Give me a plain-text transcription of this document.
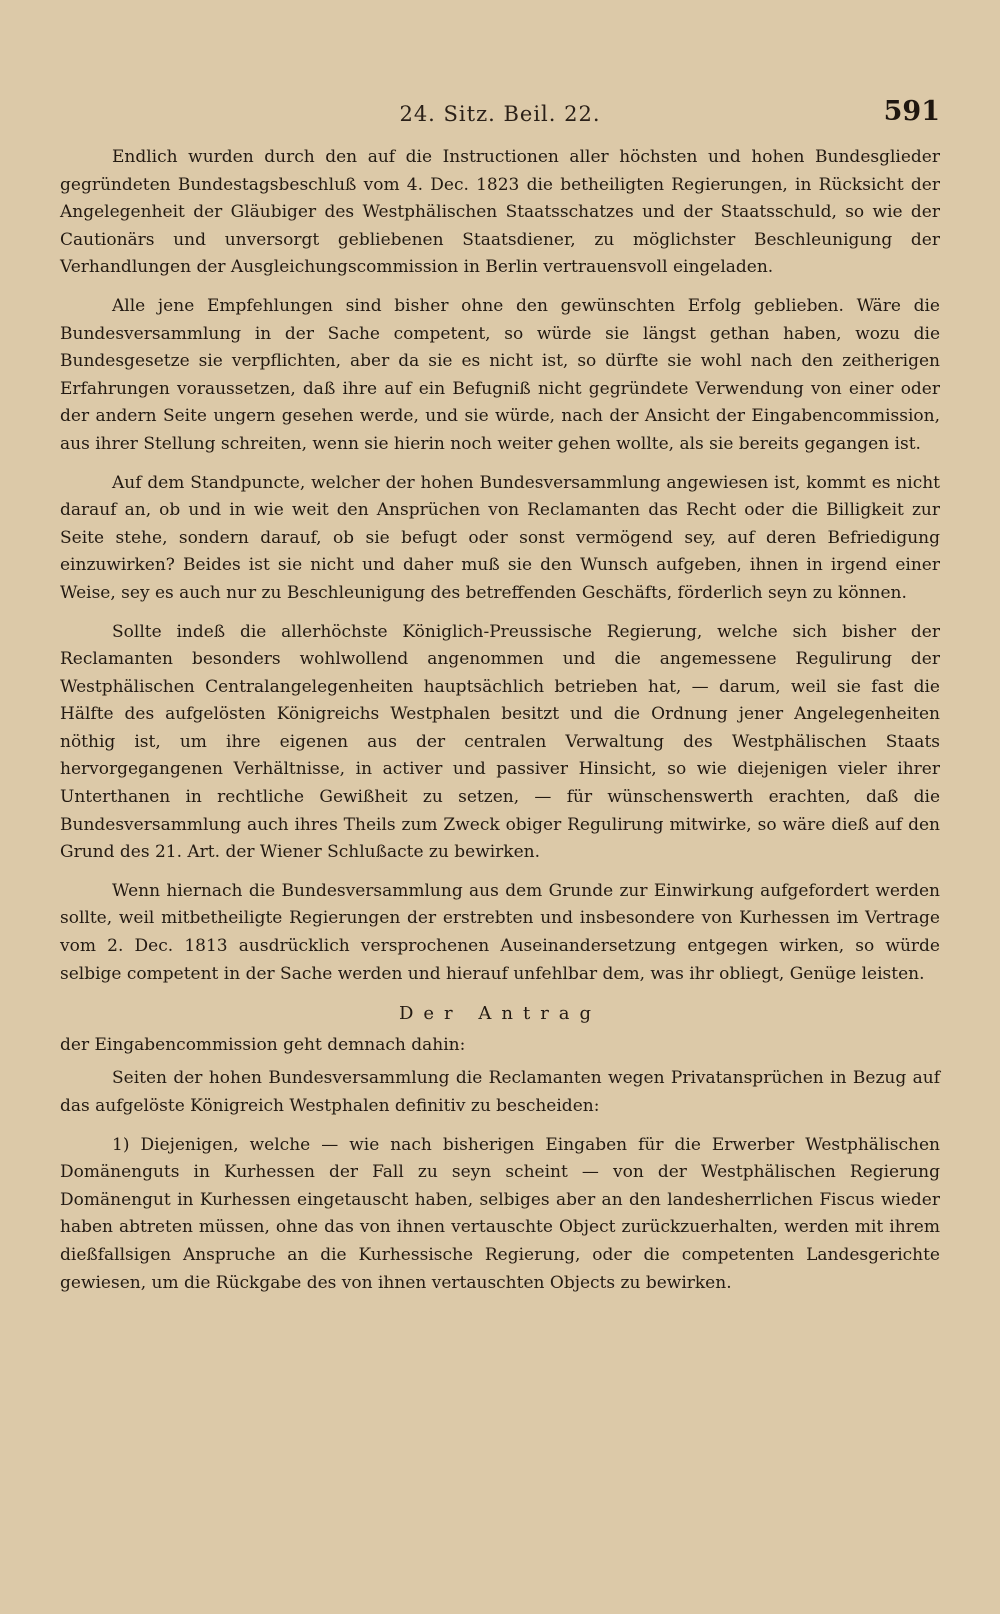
24. Sitz. Beil. 22.	591

Endlich wurden durch den auf die Instructionen aller höchsten und hohen Bundesglieder gegründeten Bundestagsbeschluß vom 4. Dec. 1823 die betheiligten Regierungen, in Rücksicht der Angelegenheit der Gläubiger des Westphälischen Staatsschatzes und der Staatsschuld, so wie der Cautionärs und unversorgt gebliebenen Staatsdiener, zu möglichster Beschleunigung der Verhandlungen der Ausgleichungscommission in Berlin vertrauensvoll eingeladen.

Alle jene Empfehlungen sind bisher ohne den gewünschten Erfolg geblieben. Wäre die Bundesversammlung in der Sache competent, so würde sie längst gethan haben, wozu die Bundesgesetze sie verpflichten, aber da sie es nicht ist, so dürfte sie wohl nach den zeitherigen Erfahrungen voraussetzen, daß ihre auf ein Befugniß nicht gegründete Verwendung von einer oder der andern Seite ungern gesehen werde, und sie würde, nach der Ansicht der Eingabencommission, aus ihrer Stellung schreiten, wenn sie hierin noch weiter gehen wollte, als sie bereits gegangen ist.

Auf dem Standpuncte, welcher der hohen Bundesversammlung angewiesen ist, kommt es nicht darauf an, ob und in wie weit den Ansprüchen von Reclamanten das Recht oder die Billigkeit zur Seite stehe, sondern darauf, ob sie befugt oder sonst vermögend sey, auf deren Befriedigung einzuwirken? Beides ist sie nicht und daher muß sie den Wunsch aufgeben, ihnen in irgend einer Weise, sey es auch nur zu Beschleunigung des betreffenden Geschäfts, förderlich seyn zu können.

Sollte indeß die allerhöchste Königlich-Preussische Regierung, welche sich bisher der Reclamanten besonders wohlwollend angenommen und die angemessene Regulirung der Westphälischen Centralangelegenheiten hauptsächlich betrieben hat, — darum, weil sie fast die Hälfte des aufgelösten Königreichs Westphalen besitzt und die Ordnung jener Angelegenheiten nöthig ist, um ihre eigenen aus der centralen Verwaltung des Westphälischen Staats hervorgegangenen Verhältnisse, in activer und passiver Hinsicht, so wie diejenigen vieler ihrer Unterthanen in rechtliche Gewißheit zu setzen, — für wünschenswerth erachten, daß die Bundesversammlung auch ihres Theils zum Zweck obiger Regulirung mitwirke, so wäre dieß auf den Grund des 21. Art. der Wiener Schlußacte zu bewirken.

Wenn hiernach die Bundesversammlung aus dem Grunde zur Einwirkung aufgefordert werden sollte, weil mitbetheiligte Regierungen der erstrebten und insbesondere von Kurhessen im Vertrage vom 2. Dec. 1813 ausdrücklich versprochenen Auseinandersetzung entgegen wirken, so würde selbige competent in der Sache werden und hierauf unfehlbar dem, was ihr obliegt, Genüge leisten.

Der Antrag

der Eingabencommission geht demnach dahin:

Seiten der hohen Bundesversammlung die Reclamanten wegen Privatansprüchen in Bezug auf das aufgelöste Königreich Westphalen definitiv zu bescheiden:

1) Diejenigen, welche — wie nach bisherigen Eingaben für die Erwerber Westphälischen Domänenguts in Kurhessen der Fall zu seyn scheint — von der Westphälischen Regierung Domänengut in Kurhessen eingetauscht haben, selbiges aber an den landesherrlichen Fiscus wieder haben abtreten müssen, ohne das von ihnen vertauschte Object zurückzuerhalten, werden mit ihrem dießfallsigen Anspruche an die Kurhessische Regierung, oder die competenten Landesgerichte gewiesen, um die Rückgabe des von ihnen vertauschten Objects zu bewirken.
